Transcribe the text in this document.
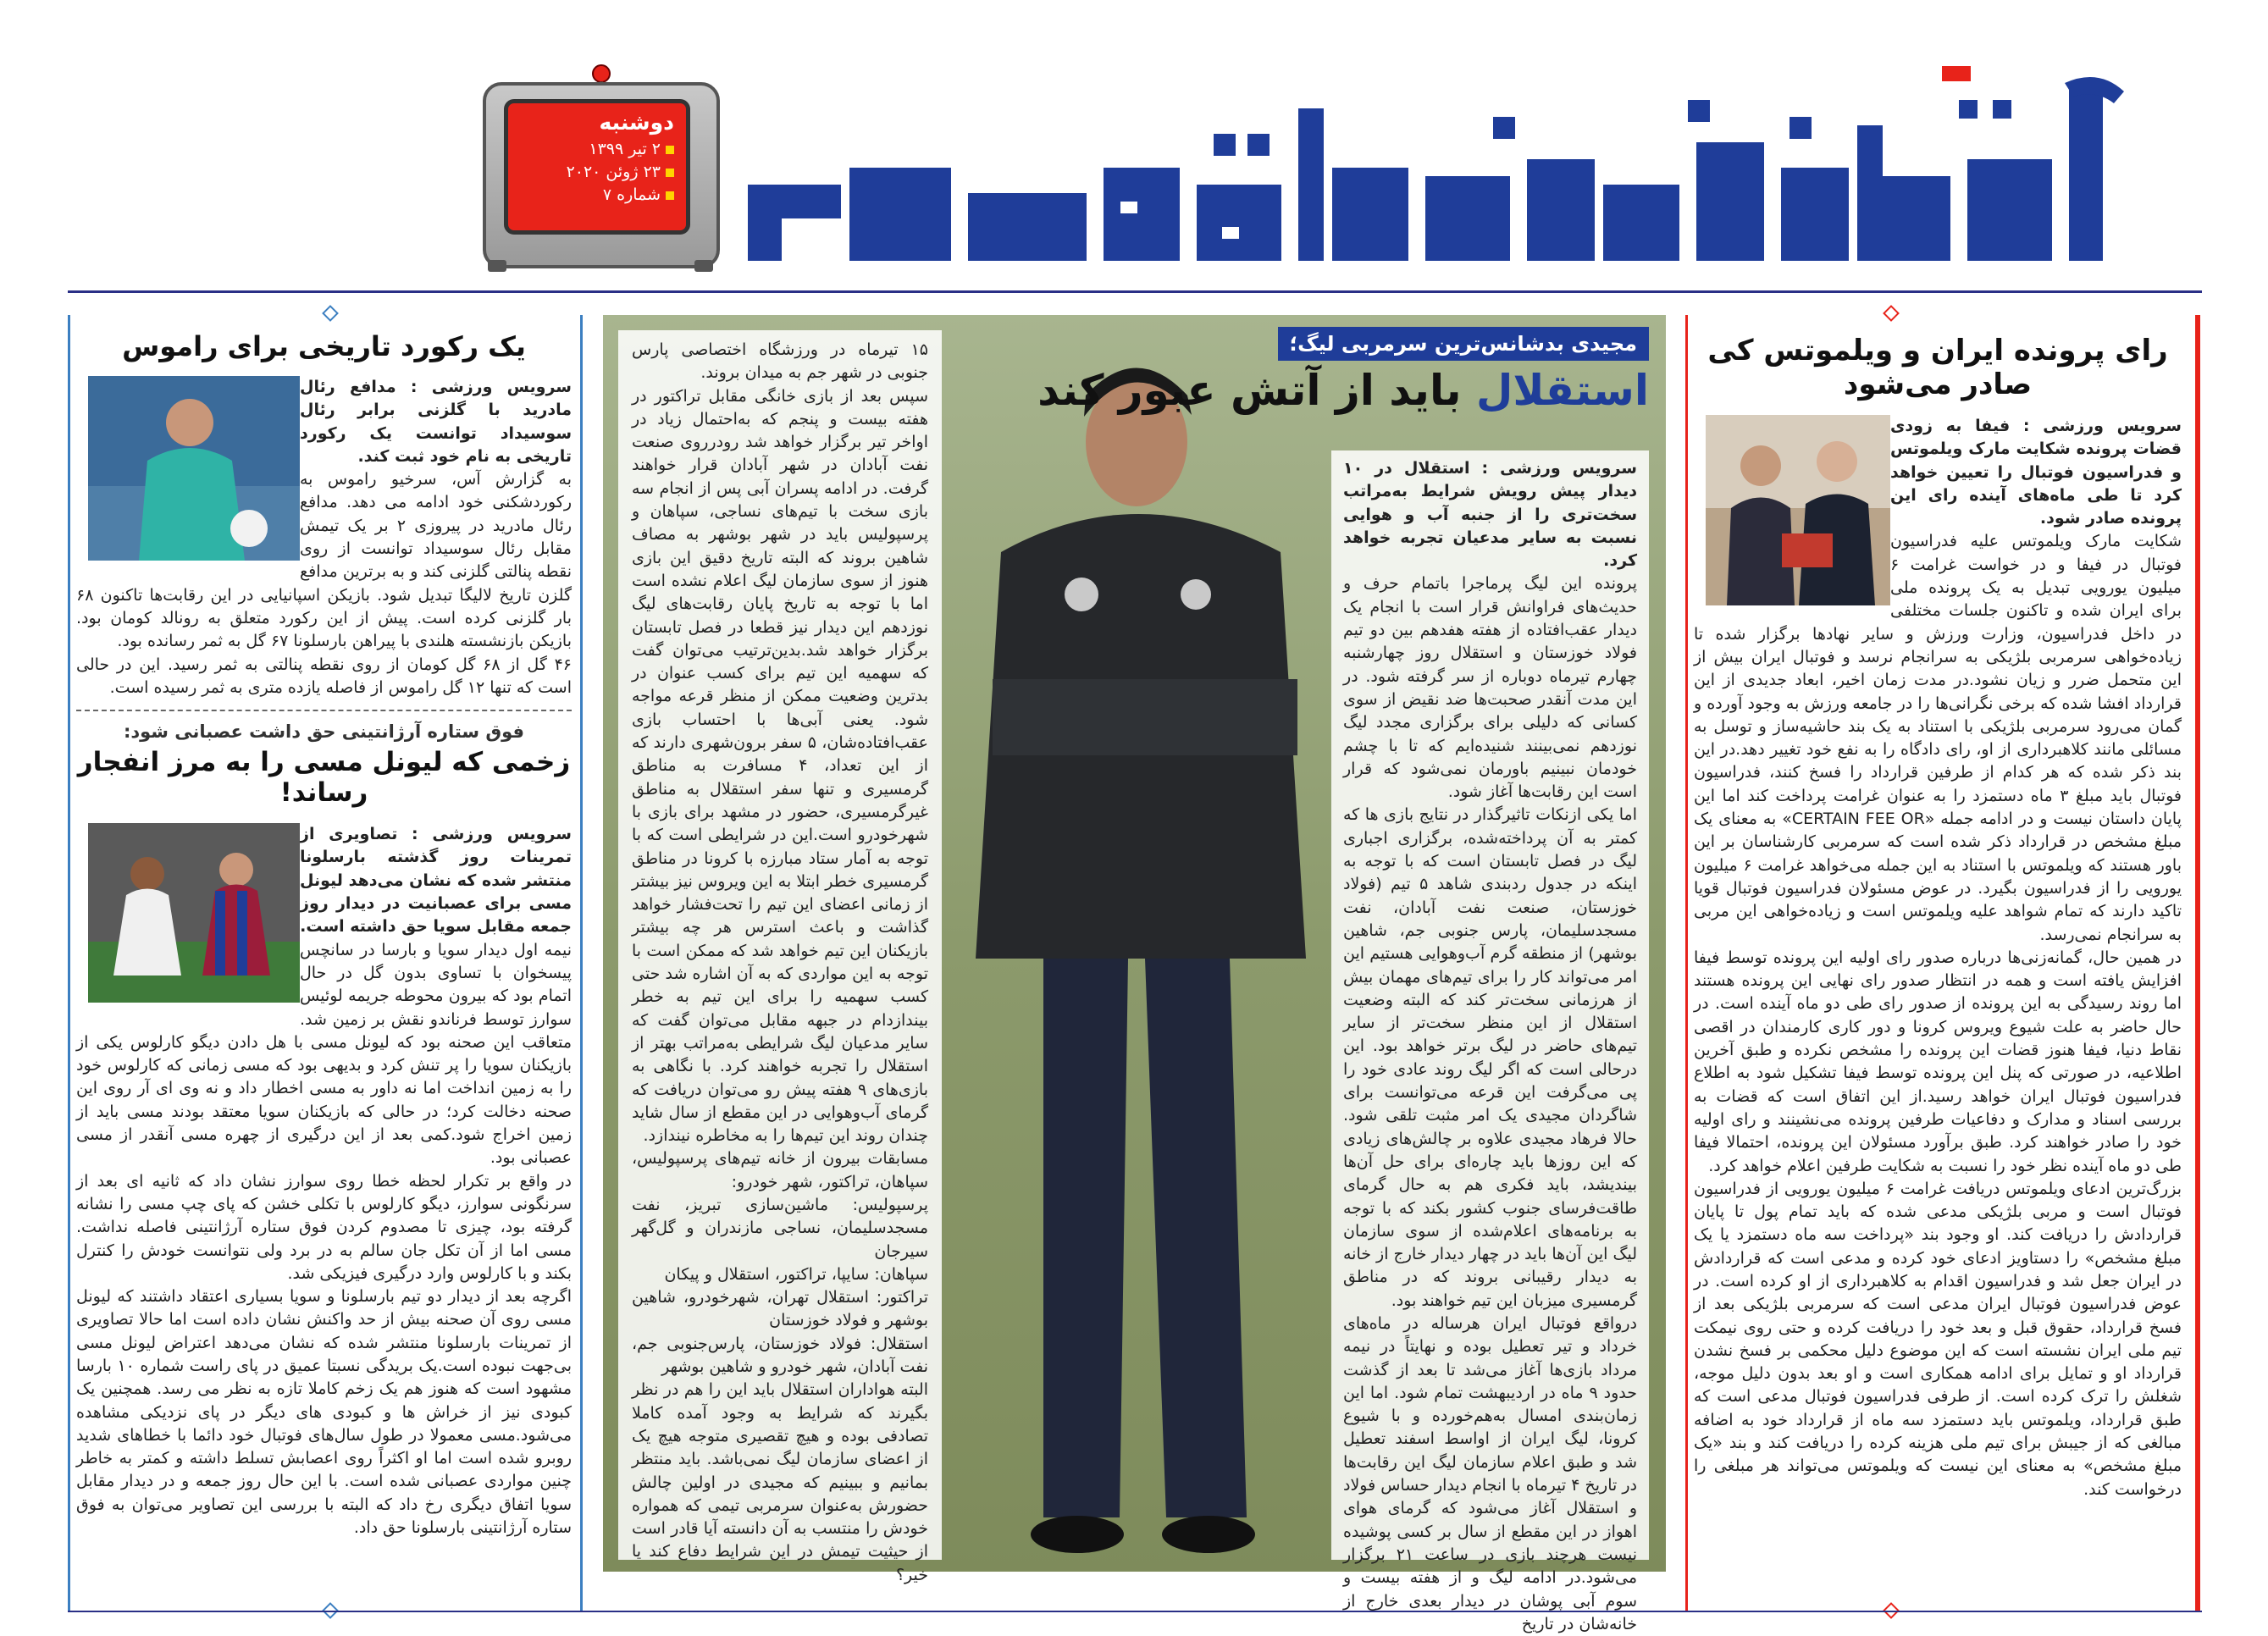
دوشنبه
۲ تیر ۱۳۹۹
۲۳ ژوئن ۲۰۲۰
شماره ۷
رای پرونده ایران و ویلموتس کی صادر می‌شود

سرویس ورزشی : فیفا به زودی قضات پرونده شکایت مارک ویلموتس و فدراسیون فوتبال را تعیین خواهد کرد تا طی ماه‌های آینده رای این پرونده صادر شود.

شکایت مارک ویلموتس علیه فدراسیون فوتبال در فیفا و در خواست غرامت ۶ میلیون یورویی تبدیل به یک پرونده ملی برای ایران شده و تاکنون جلسات مختلفی در داخل فدراسیون، وزارت ورزش و سایر نهادها برگزار شده تا زیاده‌خواهی سرمربی بلژیکی به سرانجام نرسد و فوتبال ایران بیش از این متحمل ضرر و زیان نشود.در مدت زمان اخیر، ابعاد جدیدی از این قرارداد افشا شده که برخی نگرانی‌ها را در جامعه ورزش به وجود آورده و گمان می‌رود سرمربی بلژیکی با استناد به یک بند حاشیه‌ساز و توسل به مسائلی مانند کلاهبرداری از او، رای دادگاه را به نفع خود تغییر دهد.در این بند ذکر شده که هر کدام از طرفین قرارداد را فسخ کنند، فدراسیون فوتبال باید مبلغ ۳ ماه دستمزد را به عنوان غرامت پرداخت کند اما این پایان داستان نیست و در ادامه جمله «CERTAIN FEE OR» به معنای یک مبلغ مشخص در قرارداد ذکر شده است که سرمربی کارشناسان بر این باور هستند که ویلموتس با استناد به این جمله می‌خواهد غرامت ۶ میلیون یورویی را از فدراسیون بگیرد. در عوض مسئولان فدراسیون فوتبال قویا تاکید دارند که تمام شواهد علیه ویلموتس است و زیاده‌خواهی این مربی به سرانجام نمی‌رسد.

در همین حال، گمانه‌زنی‌ها درباره صدور رای اولیه این پرونده توسط فیفا افزایش یافته است و همه در انتظار صدور رای نهایی این پرونده هستند اما روند رسیدگی به این پرونده از صدور رای طی دو ماه آینده است. در حال حاضر به علت شیوع ویروس کرونا و دور کاری کارمندان در اقصی نقاط دنیا، فیفا هنوز قضات این پرونده را مشخص نکرده و طبق آخرین اطلاعیه، در صورتی که پنل این پرونده توسط فیفا تشکیل شود به اطلاع فدراسیون فوتبال ایران خواهد رسید.از این اتفاق است که قضات به بررسی اسناد و مدارک و دفاعیات طرفین پرونده می‌نشینند و رای اولیه خود را صادر خواهند کرد. طبق برآورد مسئولان این پرونده، احتمالا فیفا طی دو ماه آینده نظر خود را نسبت به شکایت طرفین اعلام خواهد کرد.

بزرگ‌ترین ادعای ویلموتس دریافت غرامت ۶ میلیون یورویی از فدراسیون فوتبال است و مربی بلژیکی مدعی شده که باید تمام پول تا پایان قراردادش را دریافت کند. او وجود بند «پرداخت سه ماه دستمزد یا یک مبلغ مشخص» را دستاویز ادعای خود کرده و مدعی است که قراردادش در ایران جعل شد و فدراسیون اقدام به کلاهبرداری از او کرده است. در عوض فدراسیون فوتبال ایران مدعی است که سرمربی بلژیکی بعد از فسخ قرارداد، حقوق قبل و بعد خود را دریافت کرده و حتی روی نیمکت تیم ملی ایران نشسته است که این موضوع دلیل محکمی بر فسخ نشدن قرارداد او و تمایل برای ادامه همکاری است و او بعد بدون دلیل موجه، شغلش را ترک کرده است. از طرفی فدراسیون فوتبال مدعی است که طبق قرارداد، ویلموتس باید دستمزد سه ماه از قرارداد خود به اضافه مبالغی که از جیبش برای تیم ملی هزینه کرده را دریافت کند و بند «یک مبلغ مشخص» به معنای این نیست که ویلموتس می‌تواند هر مبلغی را درخواست کند.

مجیدی بدشانس‌ترین سرمربی لیگ؛
استقلال باید از آتش عبور کند

سرویس ورزشی : استقلال در ۱۰ دیدار پیش رویش شرایط به‌مراتب سخت‌تری را از جنبه آب و هوایی نسبت به سایر مدعیان تجربه خواهد کرد.

پرونده این لیگ پرماجرا باتمام حرف و حدیث‌های فراوانش قرار است با انجام یک دیدار عقب‌افتاده از هفته هفدهم بین دو تیم فولاد خوزستان و استقلال روز چهارشنبه چهارم تیرماه دوباره از سر گرفته شود. در این مدت آنقدر صحبت‌ها ضد نقیض از سوی کسانی که دلیلی برای برگزاری مجدد لیگ نوزدهم نمی‌بینند شنیده‌ایم که تا با چشم خودمان نبینیم باورمان نمی‌شود که قرار است این رقابت‌ها آغاز شود.

اما یکی ازنکات تاثیرگذار در نتایج بازی ها که کمتر به آن پرداخته‌شده، برگزاری اجباری لیگ در فصل تابستان است که با توجه به اینکه در جدول ردبندی شاهد ۵ تیم (فولاد خوزستان، صنعت نفت آبادان، نفت مسجدسلیمان، پارس جنوبی جم، شاهین بوشهر) از منطقه گرم آب‌وهوایی هستیم این امر می‌تواند کار را برای تیم‌های مهمان بیش از هرزمانی سخت‌تر کند که البته وضعیت استقلال از این منظر سخت‌تر از سایر تیم‌های حاضر در لیگ برتر خواهد بود. این درحالی است که اگر لیگ روند عادی خود را پی می‌گرفت این قرعه می‌توانست برای شاگردان مجیدی یک امر مثبت تلقی شود. حالا فرهاد مجیدی علاوه بر چالش‌های زیادی که این روزها باید چاره‌ای برای حل آن‌ها بیندیشد، باید فکری هم به حال گرمای طاقت‌فرسای جنوب کشور بکند که با توجه به برنامه‌های اعلام‌شده از سوی سازمان لیگ این آن‌ها باید در چهار دیدار خارج از خانه به دیدار رقیبانی بروند که در مناطق گرمسیری میزبان این تیم خواهند بود.

درواقع فوتبال ایران هرساله در ماه‌های خرداد و تیر تعطیل بوده و نهایتاً در نیمه مرداد بازی‌ها آغاز می‌شد تا بعد از گذشت حدود ۹ ماه در اردیبهشت تمام شود. اما این زمان‌بندی امسال به‌هم‌خورده و با شیوع کرونا، لیگ ایران از اواسط اسفند تعطیل شد و طبق اعلام سازمان لیگ این رقابت‌ها در تاریخ ۴ تیرماه با انجام دیدار حساس فولاد و استقلال آغاز می‌شود که گرمای هوای اهواز در این مقطع از سال بر کسی پوشیده نیست هرچند بازی در ساعت ۲۱ برگزار می‌شود.در ادامه لیگ و از هفته بیست و سوم آبی پوشان در دیدار بعدی خارج از خانه‌شان در تاریخ

۱۵ تیرماه در ورزشگاه اختصاصی پارس جنوبی در شهر جم به میدان بروند.

سپس بعد از بازی خانگی مقابل تراکتور در هفته بیست و پنجم که به‌احتمال زیاد در اواخر تیر برگزار خواهد شد رودرروی صنعت نفت آبادان در شهر آبادان قرار خواهند گرفت. در ادامه پسران آبی پس از انجام سه بازی سخت با تیم‌های نساجی، سپاهان و پرسپولیس باید در شهر بوشهر به مصاف شاهین بروند که البته تاریخ دقیق این بازی هنوز از سوی سازمان لیگ اعلام نشده است اما با توجه به تاریخ پایان رقابت‌های لیگ نوزدهم این دیدار نیز قطعا در فصل تابستان برگزار خواهد شد.بدین‌ترتیب می‌توان گفت که سهمیه این تیم برای کسب عنوان در بدترین وضعیت ممکن از منظر قرعه مواجه شود. یعنی آبی‌ها با احتساب بازی عقب‌افتاده‌شان، ۵ سفر برون‌شهری دارند که از این تعداد، ۴ مسافرت به مناطق گرمسیری و تنها سفر استقلال به مناطق غیرگرمسیری، حضور در مشهد برای بازی با شهرخودرو است.این در شرایطی است که با توجه به آمار ستاد مبارزه با کرونا در مناطق گرمسیری خطر ابتلا به این ویروس نیز بیشتر از زمانی اعضای این تیم را تحت‌فشار خواهد گذاشت و باعث استرس هر چه بیشتر بازیکنان این تیم خواهد شد که ممکن است با توجه به این مواردی که به آن اشاره شد حتی کسب سهمیه را برای این تیم به خطر بیندازدام در جبهه مقابل می‌توان گفت که سایر مدعیان لیگ شرایطی به‌مراتب بهتر از استقلال را تجربه خواهند کرد. با نگاهی به بازی‌های ۹ هفته پیش رو می‌توان دریافت که گرمای آب‌وهوایی در این مقطع از سال شاید چندان روند این تیم‌ها را به مخاطره نیندازد.

مسابقات بیرون از خانه تیم‌های پرسپولیس، سپاهان، تراکتور، شهر خودرو:

پرسپولیس: ماشین‌سازی تبریز، نفت مسجدسلیمان، نساجی مازندران و گل‌گهر سیرجان

سپاهان: سایپا، تراکتور، استقلال و پیکان

تراکتور: استقلال تهران، شهرخودرو، شاهین بوشهر و فولاد خوزستان

استقلال: فولاد خوزستان، پارس‌جنوبی جم، نفت آبادان، شهر خودرو و شاهین بوشهر

البته هواداران استقلال باید این را هم در نظر بگیرند که شرایط به وجود آمده کاملا تصادفی بوده و هیچ تقصیری متوجه هیچ یک از اعضای سازمان لیگ نمی‌باشد. باید منتظر بمانیم و ببینیم که مجیدی در اولین چالش حضورش به‌عنوان سرمربی تیمی که همواره خودش را منتسب به آن دانسته آیا قادر است از حیثیت تیمش در این شرایط دفاع کند یا خیر؟

یک رکورد تاریخی برای راموس

سرویس ورزشی : مدافع رئال مادرید با گلزنی برابر رئال سوسیداد توانست یک رکورد تاریخی به نام خود ثبت کند.

به گزارش آس، سرخیو راموس به رکوردشکنی خود ادامه می دهد. مدافع رئال مادرید در پیروزی ۲ بر یک تیمش مقابل رئال سوسیداد توانست از روی نقطه پنالتی گلزنی کند و به برترین مدافع گلزن تاریخ لالیگا تبدیل شود. بازیکن اسپانیایی در این رقابت‌ها تاکنون ۶۸ بار گلزنی کرده است. پیش از این رکورد متعلق به رونالد کومان بود. بازیکن بازنشسته هلندی با پیراهن بارسلونا ۶۷ گل به ثمر رسانده بود.

۴۶ گل از ۶۸ گل کومان از روی نقطه پنالتی به ثمر رسید. این در حالی است که تنها ۱۲ گل راموس از فاصله یازده متری به ثمر رسیده است.

فوق ستاره آرژانتینی حق داشت عصبانی شود:
زخمی که لیونل مسی را به مرز انفجار رساند!

سرویس ورزشی : تصاویری از تمرینات روز گذشته بارسلونا منتشر شده که نشان می‌دهد لیونل مسی برای عصبانیت در دیدار روز جمعه مقابل سویا حق داشته است.

نیمه اول دیدار سویا و بارسا در سانچس پیسخوان با تساوی بدون گل در حال اتمام بود که بیرون محوطه جریمه لوئیس سوارز توسط فرناندو نقش بر زمین شد. متعاقب این صحنه بود که لیونل مسی با هل دادن دیگو کارلوس یکی از بازیکنان سویا را پر تنش کرد و بدیهی بود که مسی زمانی که کارلوس خود را به زمین انداخت اما نه داور به مسی اخطار داد و نه وی ای آر روی این صحنه دخالت کرد؛ در حالی که بازیکنان سویا معتقد بودند مسی باید از زمین اخراج شود.کمی بعد از این درگیری از چهره مسی آنقدر از مسی عصبانی بود.

در واقع بر تکرار لحظه خطا روی سوارز نشان داد که ثانیه ای بعد از سرنگونی سوارز، دیگو کارلوس با تکلی خشن که پای چپ مسی را نشانه گرفته بود، چیزی تا مصدوم کردن فوق ستاره آرژانتینی فاصله نداشت. مسی اما از آن تکل جان سالم به در برد ولی نتوانست خودش را کنترل بکند و با کارلوس وارد درگیری فیزیکی شد.

اگرچه بعد از دیدار دو تیم بارسلونا و سویا بسیاری اعتقاد داشتند که لیونل مسی روی آن صحنه بیش از حد واکنش نشان داده است اما حالا تصاویری از تمرینات بارسلونا منتشر شده که نشان می‌دهد اعتراض لیونل مسی بی‌جهت نبوده است.یک بریدگی نسبتا عمیق در پای راست شماره ۱۰ بارسا مشهود است که هنوز هم یک زخم کاملا تازه به نظر می رسد. همچنین یک کبودی نیز از خراش ها و کبودی های دیگر در پای نزدیکی مشاهده می‌شود.مسی معمولا در طول سال‌های فوتبال خود دائما با خطاهای شدید روبرو شده است اما او اکثراً روی اعصابش تسلط داشته و کمتر به خاطر چنین مواردی عصبانی شده است. با این حال روز جمعه و در دیدار مقابل سویا اتفاق دیگری رخ داد که البته با بررسی این تصاویر می‌توان به فوق ستاره آرژانتینی بارسلونا حق داد.
